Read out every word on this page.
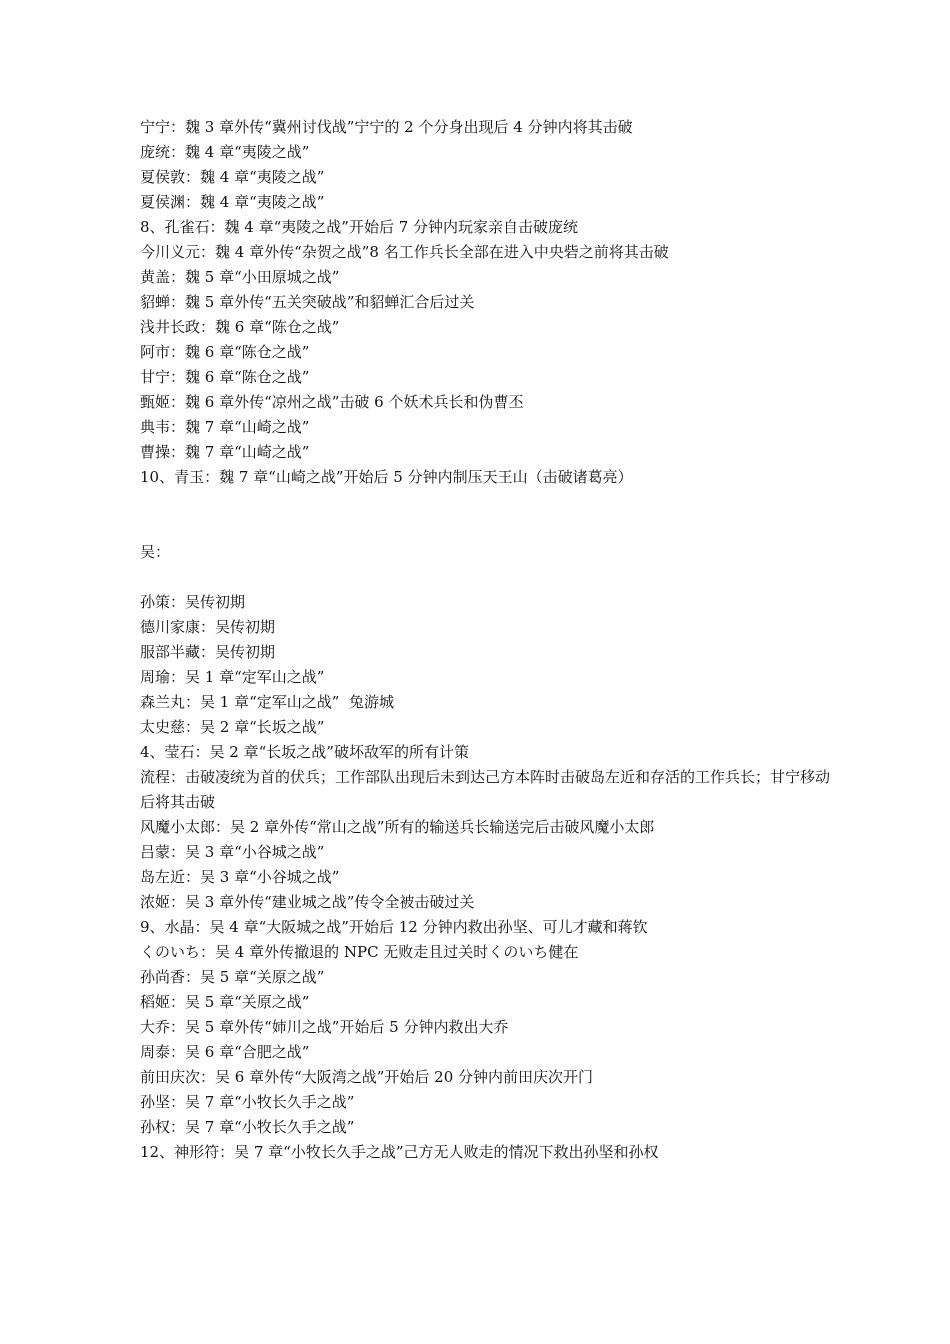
宁宁：魏 3 章外传“冀州讨伐战”宁宁的 2 个分身出现后 4 分钟内将其击破

庞统：魏 4 章“夷陵之战”

夏侯敦：魏 4 章“夷陵之战”

夏侯渊：魏 4 章“夷陵之战”

8、孔雀石：魏 4 章“夷陵之战”开始后 7 分钟内玩家亲自击破庞统

今川义元：魏 4 章外传“杂贺之战”8 名工作兵长全部在进入中央砦之前将其击破

黄盖：魏 5 章“小田原城之战”

貂蝉：魏 5 章外传“五关突破战”和貂蝉汇合后过关

浅井长政：魏 6 章“陈仓之战”

阿市：魏 6 章“陈仓之战”

甘宁：魏 6 章“陈仓之战”

甄姬：魏 6 章外传“凉州之战”击破 6 个妖术兵长和伪曹丕

典韦：魏 7 章“山崎之战”

曹操：魏 7 章“山崎之战”

10、青玉：魏 7 章“山崎之战”开始后 5 分钟内制压天王山（击破诸葛亮）

吴：

孙策：吴传初期

德川家康：吴传初期

服部半藏：吴传初期

周瑜：吴 1 章“定军山之战”

森兰丸：吴 1 章“定军山之战”  兔游城

太史慈：吴 2 章“长坂之战”

4、莹石：吴 2 章“长坂之战”破坏敌军的所有计策

流程：击破凌统为首的伏兵；工作部队出现后未到达己方本阵时击破岛左近和存活的工作兵长；甘宁移动后将其击破

风魔小太郎：吴 2 章外传“常山之战”所有的输送兵长输送完后击破风魔小太郎

吕蒙：吴 3 章“小谷城之战”

岛左近：吴 3 章“小谷城之战”

浓姬：吴 3 章外传“建业城之战”传令全被击破过关

9、水晶：吴 4 章“大阪城之战”开始后 12 分钟内救出孙坚、可儿才藏和蒋钦

くのいち：吴 4 章外传撤退的 NPC 无败走且过关时くのいち健在

孙尚香：吴 5 章“关原之战”

稻姬：吴 5 章“关原之战”

大乔：吴 5 章外传“姉川之战”开始后 5 分钟内救出大乔

周泰：吴 6 章“合肥之战”

前田庆次：吴 6 章外传“大阪湾之战”开始后 20 分钟内前田庆次开门

孙坚：吴 7 章“小牧长久手之战”

孙权：吴 7 章“小牧长久手之战”

12、神形符：吴 7 章“小牧长久手之战”己方无人败走的情况下救出孙坚和孙权
